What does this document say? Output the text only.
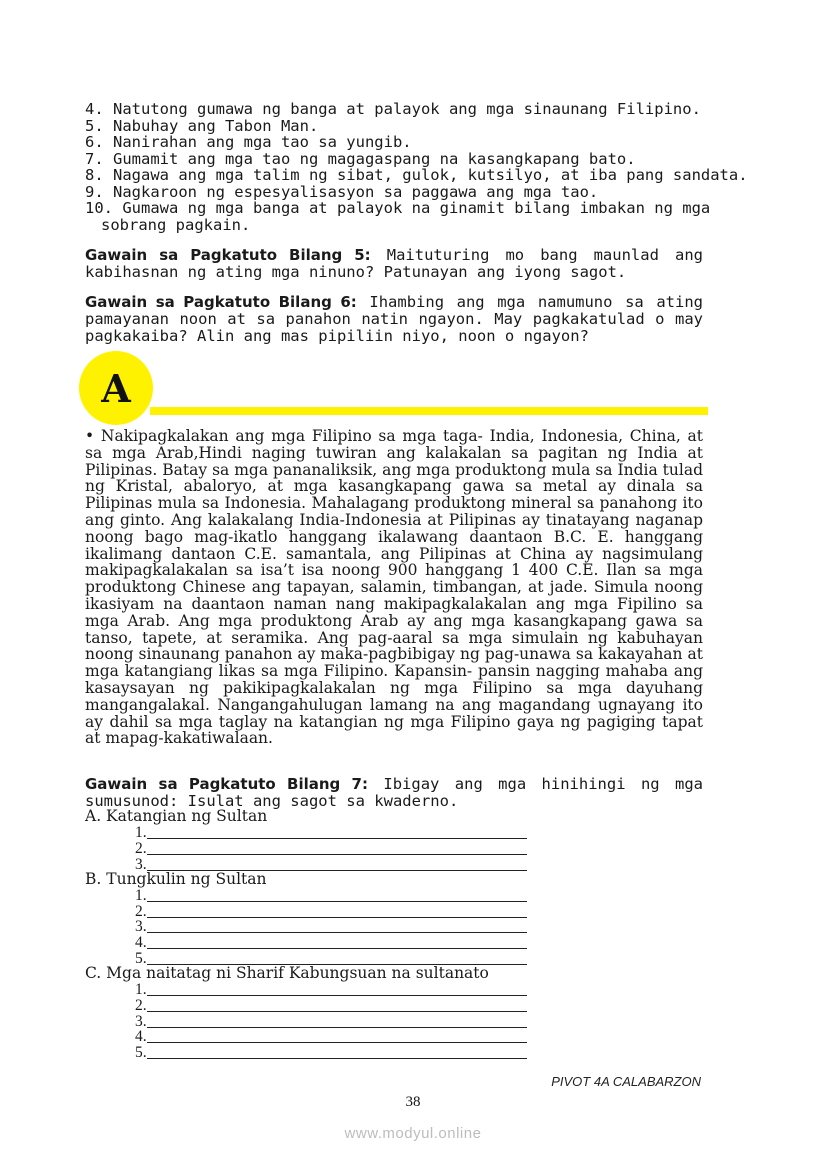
4. Natutong gumawa ng banga at palayok ang mga sinaunang Filipino.
5. Nabuhay ang Tabon Man.
6. Nanirahan ang mga tao sa yungib.
7. Gumamit ang mga tao ng magagaspang na kasangkapang bato.
8. Nagawa ang mga talim ng sibat, gulok, kutsilyo, at iba pang sandata.
9. Nagkaroon ng espesyalisasyon sa paggawa ang mga tao.
10. Gumawa ng mga banga at palayok na ginamit bilang imbakan ng mga
sobrang pagkain.

Gawain sa Pagkatuto Bilang 5: Maituturing mo bang maunlad ang kabihasnan ng ating mga ninuno? Patunayan ang iyong sagot.

Gawain sa Pagkatuto Bilang 6: Ihambing ang mga namumuno sa ating pamayanan noon at sa panahon natin ngayon. May pagkakatulad o may pagkakaiba? Alin ang mas pipiliin niyo, noon o ngayon?

A

• Nakipagkalakan ang mga Filipino sa mga taga- India, Indonesia, China, at sa mga Arab,Hindi naging tuwiran ang kalakalan sa pagitan ng India at Pilipinas. Batay sa mga pananaliksik, ang mga produktong mula sa India tulad ng Kristal, abaloryo, at mga kasangkapang gawa sa metal ay dinala sa Pilipinas mula sa Indonesia. Mahalagang produktong mineral sa panahong ito ang ginto. Ang kalakalang India-Indonesia at Pilipinas ay tinatayang naganap noong bago mag-ikatlo hanggang ikalawang daantaon B.C. E. hanggang ikalimang dantaon C.E. samantala, ang Pilipinas at China ay nagsimulang makipagkalakalan sa isa’t isa noong 900 hanggang 1 400 C.E. Ilan sa mga produktong Chinese ang tapayan, salamin, timbangan, at jade. Simula noong ikasiyam na daantaon naman nang makipagkalakalan ang mga Fipilino sa mga Arab. Ang mga produktong Arab ay ang mga kasangkapang gawa sa tanso, tapete, at seramika. Ang pag-aaral sa mga simulain ng kabuhayan noong sinaunang panahon ay maka-pagbibigay ng pag-unawa sa kakayahan at mga katangiang likas sa mga Filipino. Kapansin- pansin nagging mahaba ang kasaysayan ng pakikipagkalakalan ng mga Filipino sa mga dayuhang mangangalakal. Nangangahulugan lamang na ang magandang ugnayang ito ay dahil sa mga taglay na katangian ng mga Filipino gaya ng pagiging tapat at mapag-kakatiwalaan.

Gawain sa Pagkatuto Bilang 7: Ibigay ang mga hinihingi ng mga sumusunod: Isulat ang sagot sa kwaderno.

A. Katangian ng Sultan
1.
2.
3.
B. Tungkulin ng Sultan
1.
2.
3.
4.
5.
C. Mga naitatag ni Sharif Kabungsuan na sultanato
1.
2.
3.
4.
5.
PIVOT 4A CALABARZON
38
www.modyul.online
